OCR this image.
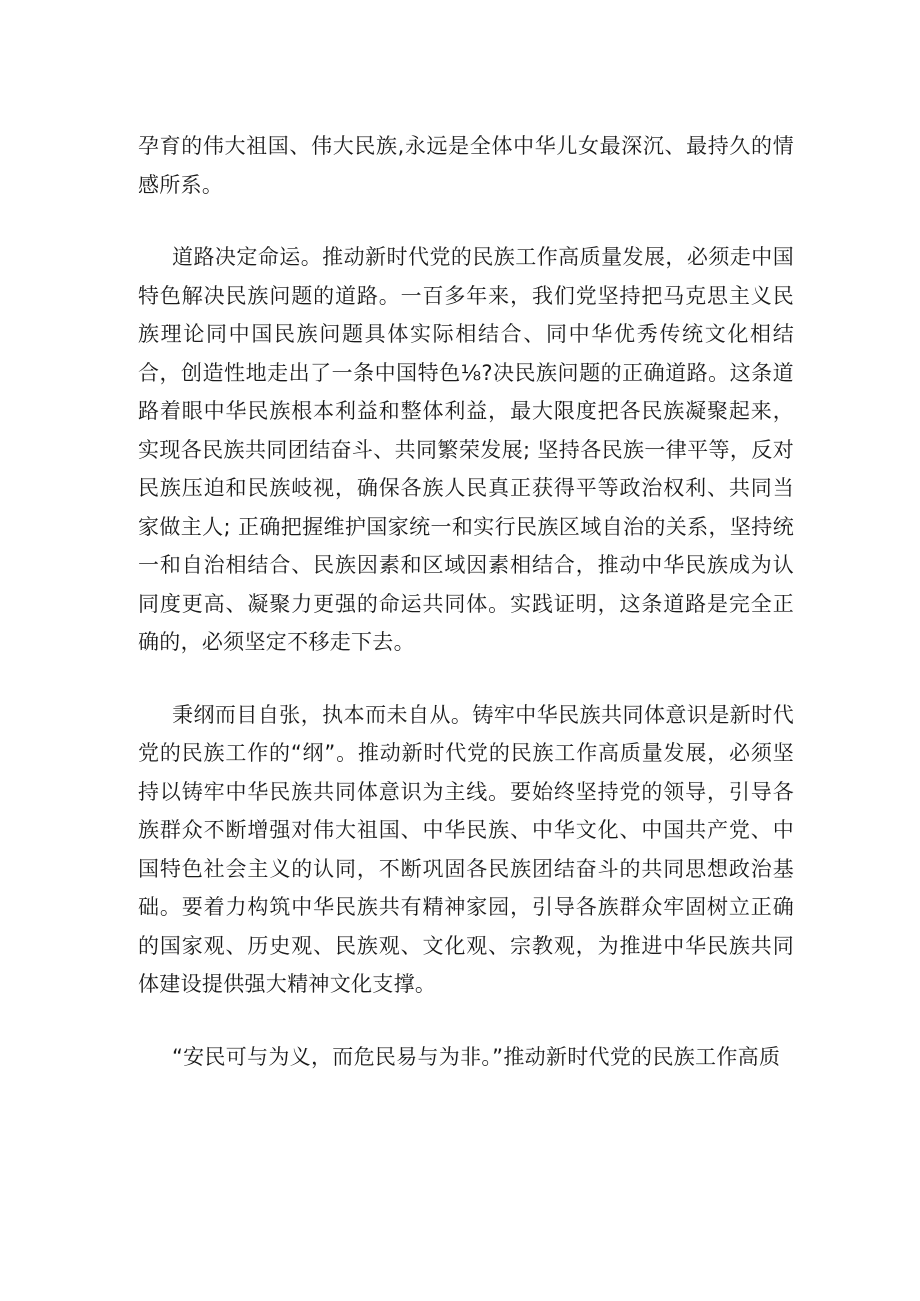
孕育的伟大祖国、伟大民族,永远是全体中华儿女最深沉、最持久的情感所系。

道路决定命运。推动新时代党的民族工作高质量发展，必须走中国特色解决民族问题的道路。一百多年来，我们党坚持把马克思主义民族理论同中国民族问题具体实际相结合、同中华优秀传统文化相结合，创造性地走出了一条中国特色⅛?决民族问题的正确道路。这条道路着眼中华民族根本利益和整体利益，最大限度把各民族凝聚起来，实现各民族共同团结奋斗、共同繁荣发展; 坚持各民族一律平等，反对民族压迫和民族岐视，确保各族人民真正获得平等政治权利、共同当家做主人; 正确把握维护国家统一和实行民族区域自治的关系，坚持统一和自治相结合、民族因素和区域因素相结合，推动中华民族成为认同度更高、凝聚力更强的命运共同体。实践证明，这条道路是完全正确的，必须坚定不移走下去。

秉纲而目自张，执本而未自从。铸牢中华民族共同体意识是新时代党的民族工作的“纲”。推动新时代党的民族工作高质量发展，必须坚持以铸牢中华民族共同体意识为主线。要始终坚持党的领导，引导各族群众不断增强对伟大祖国、中华民族、中华文化、中国共产党、中国特色社会主义的认同，不断巩固各民族团结奋斗的共同思想政治基础。要着力构筑中华民族共有精神家园，引导各族群众牢固树立正确的国家观、历史观、民族观、文化观、宗教观，为推进中华民族共同体建设提供强大精神文化支撑。

“安民可与为义，而危民易与为非。”推动新时代党的民族工作高质
